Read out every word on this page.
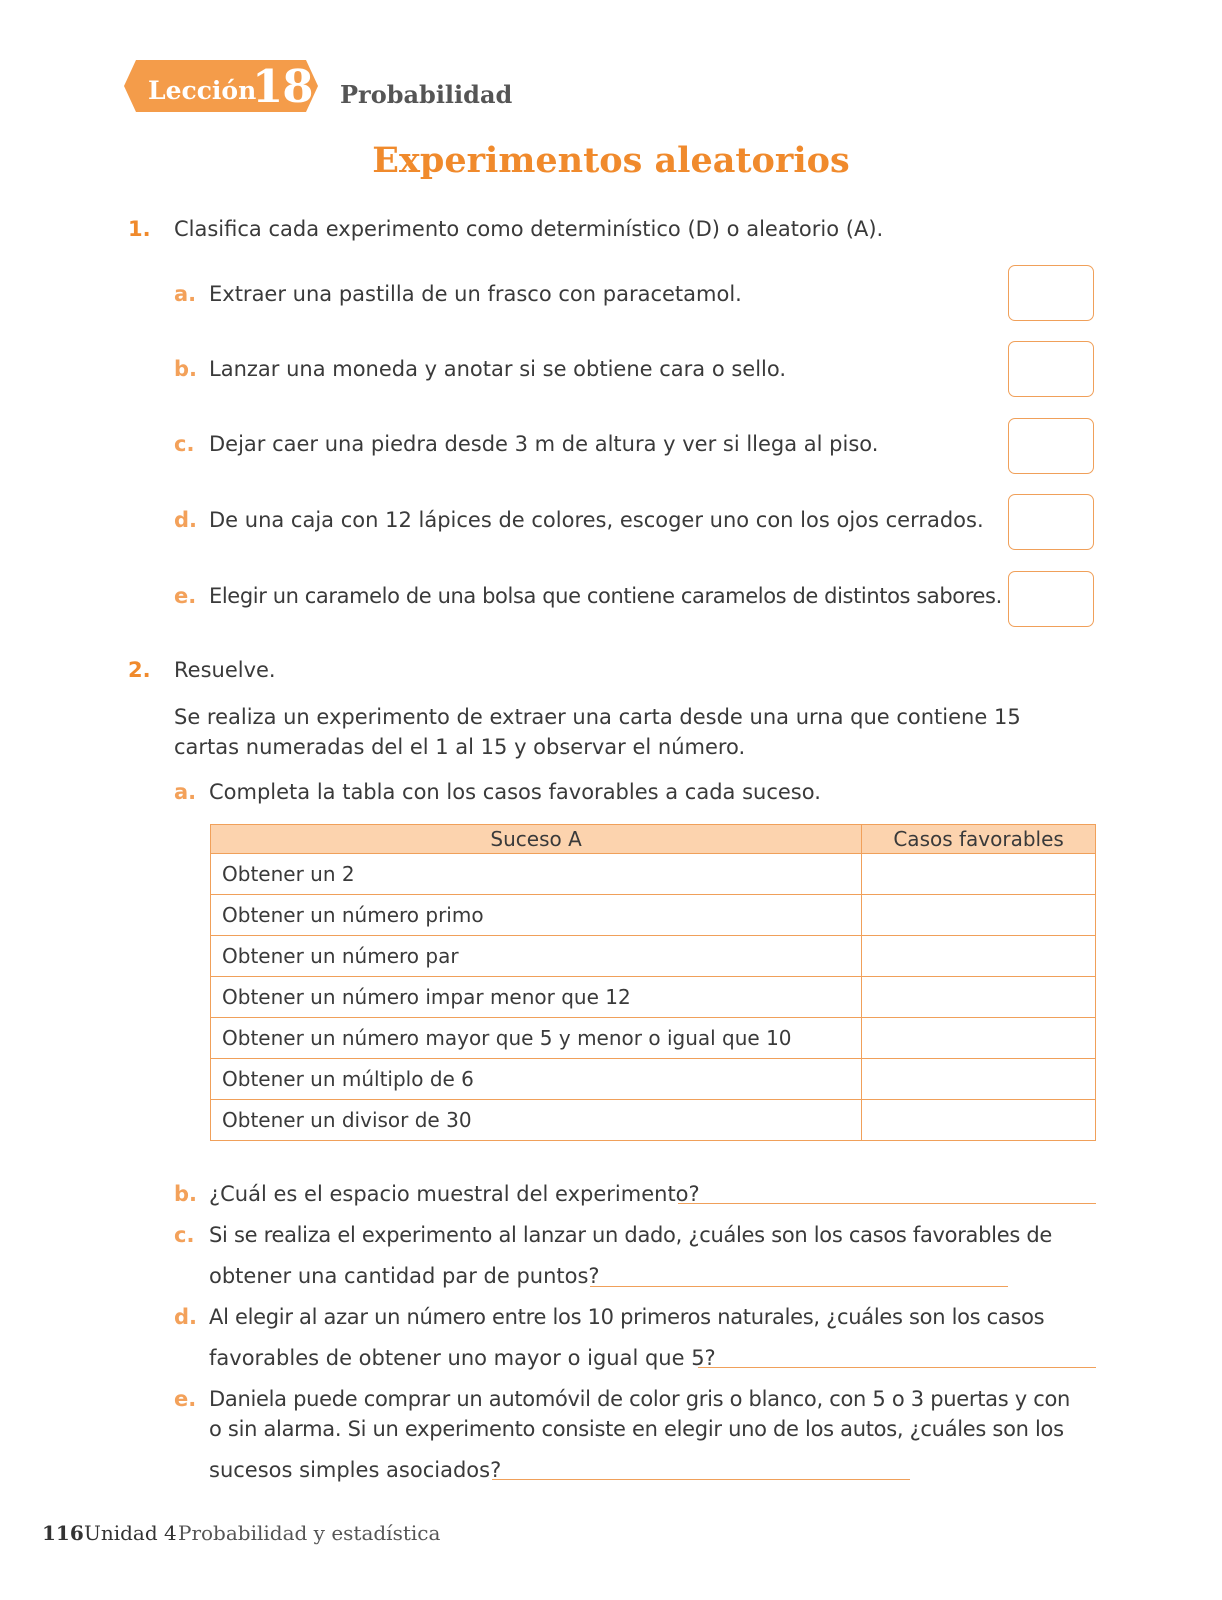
Lección
18 Probabilidad
Experimentos aleatorios
1. Clasifica cada experimento como determinístico (D) o aleatorio (A).
a. Extraer una pastilla de un frasco con paracetamol.
b. Lanzar una moneda y anotar si se obtiene cara o sello.
c. Dejar caer una piedra desde 3 m de altura y ver si llega al piso.
d. De una caja con 12 lápices de colores, escoger uno con los ojos cerrados.
e. Elegir un caramelo de una bolsa que contiene caramelos de distintos sabores.
2. Resuelve.
Se realiza un experimento de extraer una carta desde una urna que contiene 15 cartas numeradas del el 1 al 15 y observar el número.
a. Completa la tabla con los casos favorables a cada suceso.
Suceso A	Casos favorables
Obtener un 2	
Obtener un número primo	
Obtener un número par	
Obtener un número impar menor que 12	
Obtener un número mayor que 5 y menor o igual que 10	
Obtener un múltiplo de 6	
Obtener un divisor de 30	
b. ¿Cuál es el espacio muestral del experimento?
c. Si se realiza el experimento al lanzar un dado, ¿cuáles son los casos favorables de
obtener una cantidad par de puntos?
d. Al elegir al azar un número entre los 10 primeros naturales, ¿cuáles son los casos
favorables de obtener uno mayor o igual que 5?
e. Daniela puede comprar un automóvil de color gris o blanco, con 5 o 3 puertas y con
o sin alarma. Si un experimento consiste en elegir uno de los autos, ¿cuáles son los
sucesos simples asociados?
116 Unidad 4 Probabilidad y estadística
